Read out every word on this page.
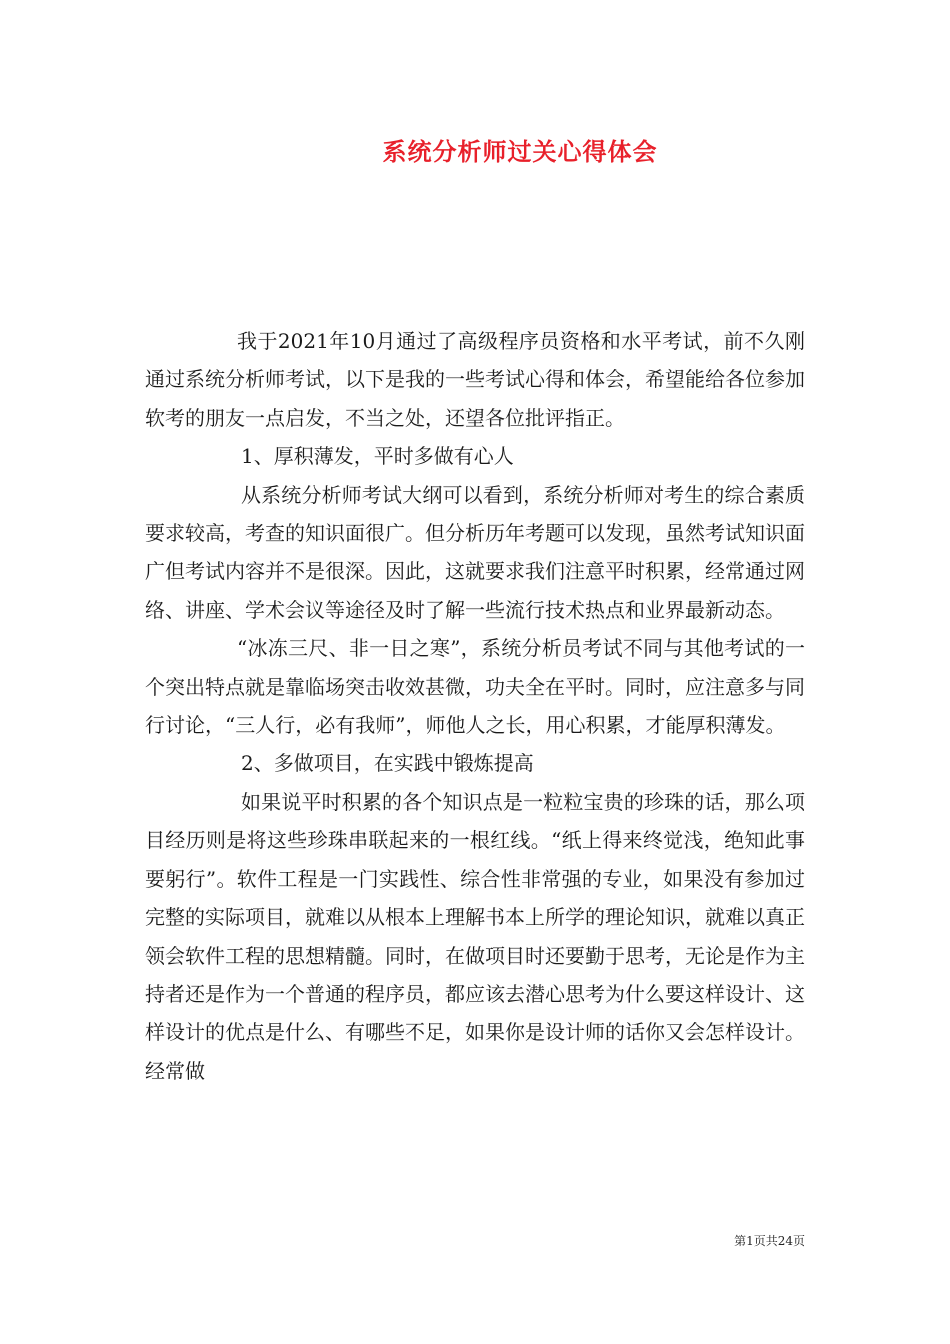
系统分析师过关心得体会

我于2021年10月通过了高级程序员资格和水平考试，前不久刚通过系统分析师考试，以下是我的一些考试心得和体会，希望能给各位参加软考的朋友一点启发，不当之处，还望各位批评指正。

1、厚积薄发，平时多做有心人

从系统分析师考试大纲可以看到，系统分析师对考生的综合素质要求较高，考查的知识面很广。但分析历年考题可以发现，虽然考试知识面广但考试内容并不是很深。因此，这就要求我们注意平时积累，经常通过网络、讲座、学术会议等途径及时了解一些流行技术热点和业界最新动态。

“冰冻三尺、非一日之寒”，系统分析员考试不同与其他考试的一个突出特点就是靠临场突击收效甚微，功夫全在平时。同时，应注意多与同行讨论，“三人行，必有我师”，师他人之长，用心积累，才能厚积薄发。

2、多做项目，在实践中锻炼提高

如果说平时积累的各个知识点是一粒粒宝贵的珍珠的话，那么项目经历则是将这些珍珠串联起来的一根红线。“纸上得来终觉浅，绝知此事要躬行”。软件工程是一门实践性、综合性非常强的专业，如果没有参加过完整的实际项目，就难以从根本上理解书本上所学的理论知识，就难以真正领会软件工程的思想精髓。同时，在做项目时还要勤于思考，无论是作为主持者还是作为一个普通的程序员，都应该去潜心思考为什么要这样设计、这样设计的优点是什么、有哪些不足，如果你是设计师的话你又会怎样设计。经常做

第1页共24页
